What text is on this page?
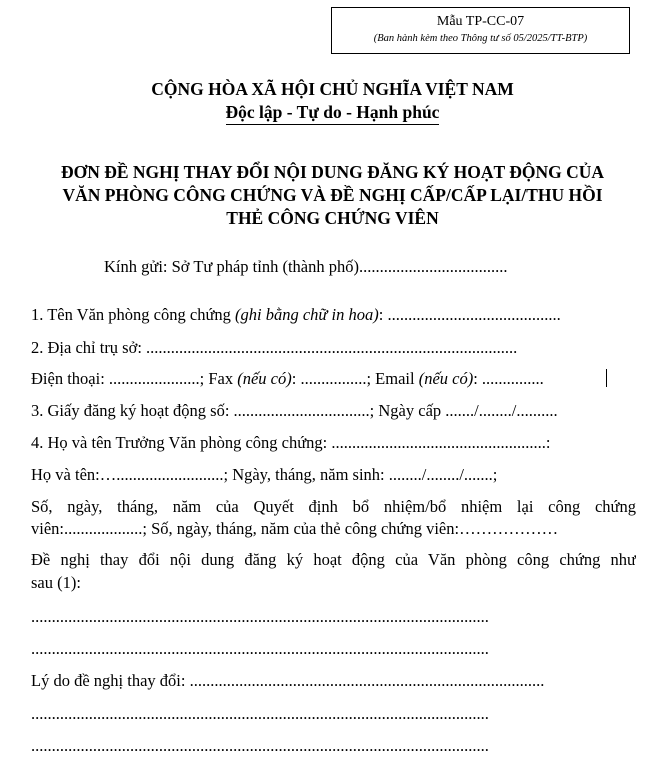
Mẫu TP-CC-07
(Ban hành kèm theo Thông tư số 05/2025/TT-BTP)
CỘNG HÒA XÃ HỘI CHỦ NGHĨA VIỆT NAM
Độc lập - Tự do - Hạnh phúc
ĐƠN ĐỀ NGHỊ THAY ĐỔI NỘI DUNG ĐĂNG KÝ HOẠT ĐỘNG CỦA
VĂN PHÒNG CÔNG CHỨNG VÀ ĐỀ NGHỊ CẤP/CẤP LẠI/THU HỒI
THẺ CÔNG CHỨNG VIÊN
Kính gửi: Sở Tư pháp tỉnh (thành phố)....................................
1. Tên Văn phòng công chứng (ghi bằng chữ in hoa): ..........................................
2. Địa chỉ trụ sở: ..........................................................................................
Điện thoại: ......................; Fax (nếu có): ................; Email (nếu có): ...............
3. Giấy đăng ký hoạt động số: .................................; Ngày cấp ......./......../..........
4. Họ và tên Trưởng Văn phòng công chứng: ....................................................:
Họ và tên:…..........................; Ngày, tháng, năm sinh: ......../......../.......;
Số, ngày, tháng, năm của Quyết định bổ nhiệm/bổ nhiệm lại công chứng
viên:...................; Số, ngày, tháng, năm của thẻ công chứng viên:………………
Đề nghị thay đổi nội dung đăng ký hoạt động của Văn phòng công chứng như
sau (1):
...............................................................................................................
...............................................................................................................
Lý do đề nghị thay đổi: ......................................................................................
...............................................................................................................
...............................................................................................................
